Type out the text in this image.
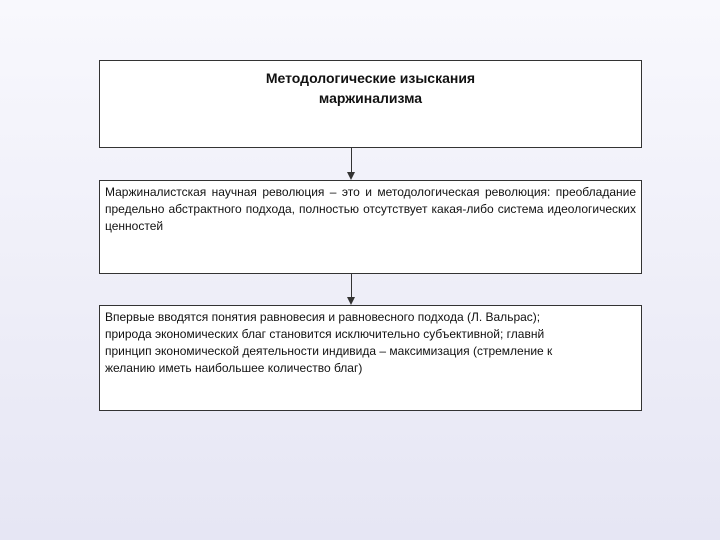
Методологические изыскания
маржинализма

Маржиналистская научная революция – это и методологическая революция: преобладание предельно абстрактного подхода, полностью отсутствует какая-либо система идеологических ценностей

Впервые вводятся понятия равновесия и равновесного подхода (Л. Вальрас);
природа экономических благ становится исключительно субъективной; главнй
принцип экономической деятельности индивида – максимизация (стремление к
желанию иметь наибольшее количество благ)
